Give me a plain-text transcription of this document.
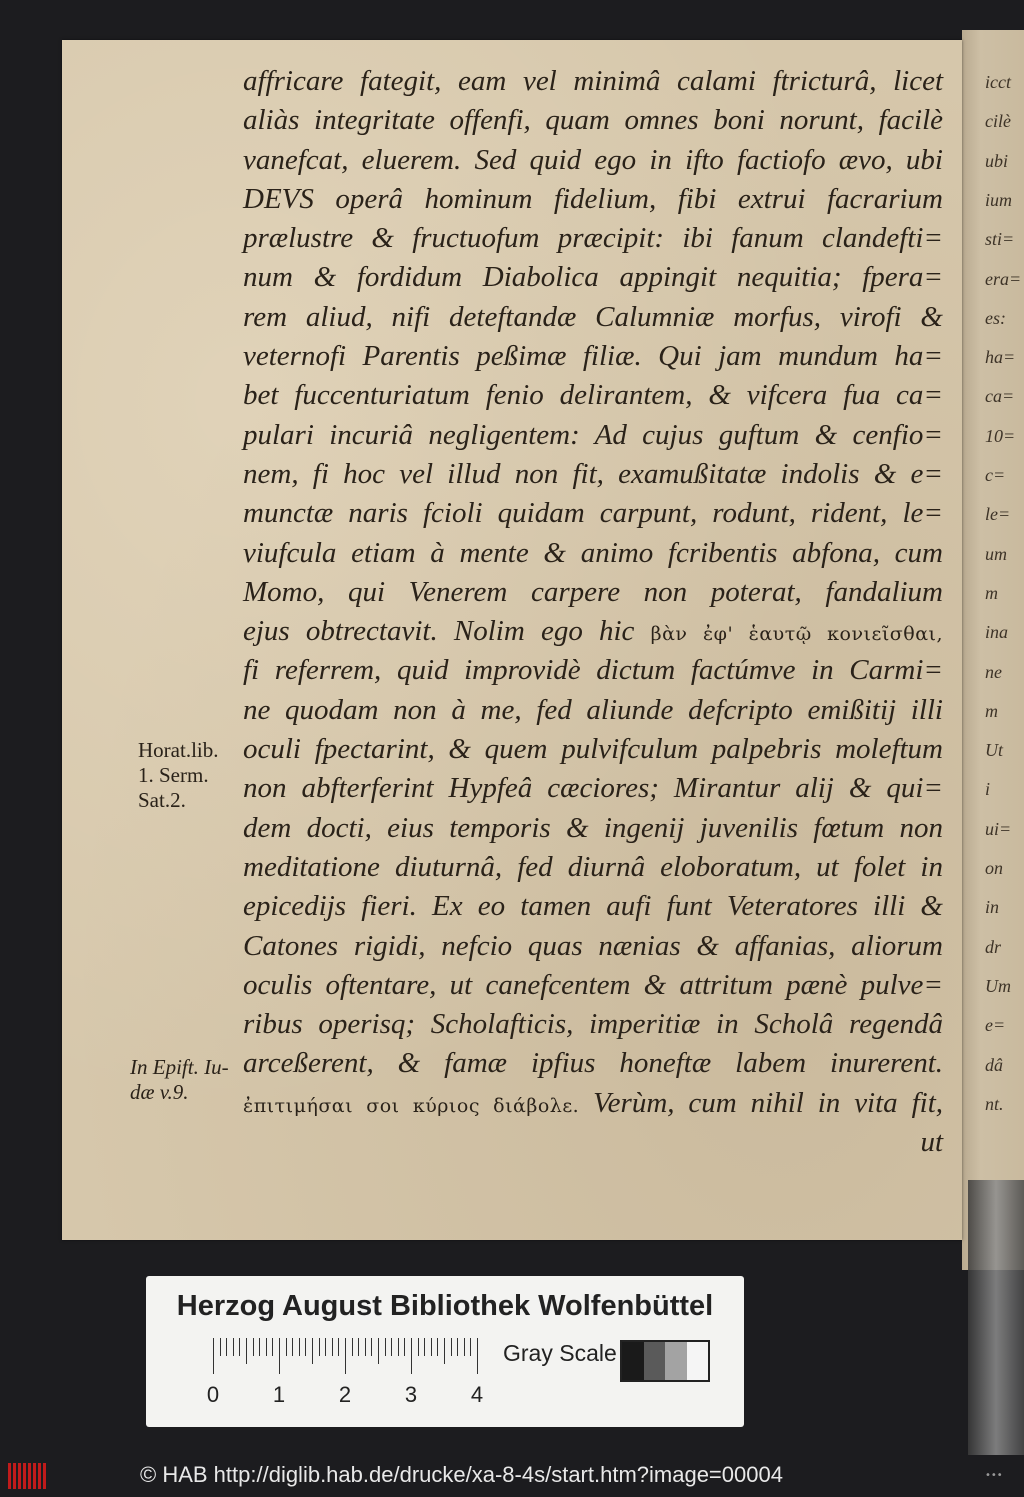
icct
cilè
ubi
ium
sti=
era=
es:
ha=
ca=
10=
c=
le=
um
m
ina
ne
m
Ut
i
ui=
on
in
dr
Um
e=
dâ
nt.
affricare fategit, eam vel minimâ calami ftricturâ, licet
aliàs integritate offenfi, quam omnes boni norunt, facilè
vanefcat, eluerem. Sed quid ego in ifto factiofo ævo, ubi
DEVS operâ hominum fidelium, fibi extrui facrarium
prælustre & fructuofum præcipit: ibi fanum clandefti=
num & fordidum Diabolica appingit nequitia; fpera=
rem aliud, nifi deteftandæ Calumniæ morfus, virofi &
veternofi Parentis peßimæ filiæ. Qui jam mundum ha=
bet fuccenturiatum fenio delirantem, & vifcera fua ca=
pulari incuriâ negligentem: Ad cujus guftum & cenfio=
nem, fi hoc vel illud non fit, examußitatæ indolis & e=
munctæ naris fcioli quidam carpunt, rodunt, rident, le=
viufcula etiam à mente & animo fcribentis abfona, cum
Momo, qui Venerem carpere non poterat, fandalium
ejus obtrectavit. Nolim ego hic βὰν ἐφ' ἑαυτῷ κονιεῖσθαι,
fi referrem, quid improvidè dictum factúmve in Carmi=
ne quodam non à me, fed aliunde defcripto emißitij illi
oculi fpectarint, & quem pulvifculum palpebris moleftum
non abfterferint Hypfeâ cæciores; Mirantur alij & qui=
dem docti, eius temporis & ingenij juvenilis fœtum non
meditatione diuturnâ, fed diurnâ eloboratum, ut folet in
epicedijs fieri. Ex eo tamen aufi funt Veteratores illi &
Catones rigidi, nefcio quas nænias & affanias, aliorum
oculis oftentare, ut canefcentem & attritum pænè pulve=
ribus operisq; Scholafticis, imperitiæ in Scholâ regendâ
arceßerent, & famæ ipfius honeftæ labem inurerent.
ἐπιτιμήσαι σοι κύριος διάβολε. Verùm, cum nihil in vita fit,
ut
Horat.lib.
1. Serm.
Sat.2.
In Epift. Iu-
dæ v.9.
Herzog August Bibliothek Wolfenbüttel
0 1 2 3 4
Gray Scale
© HAB http://diglib.hab.de/drucke/xa-8-4s/start.htm?image=00004	•••
